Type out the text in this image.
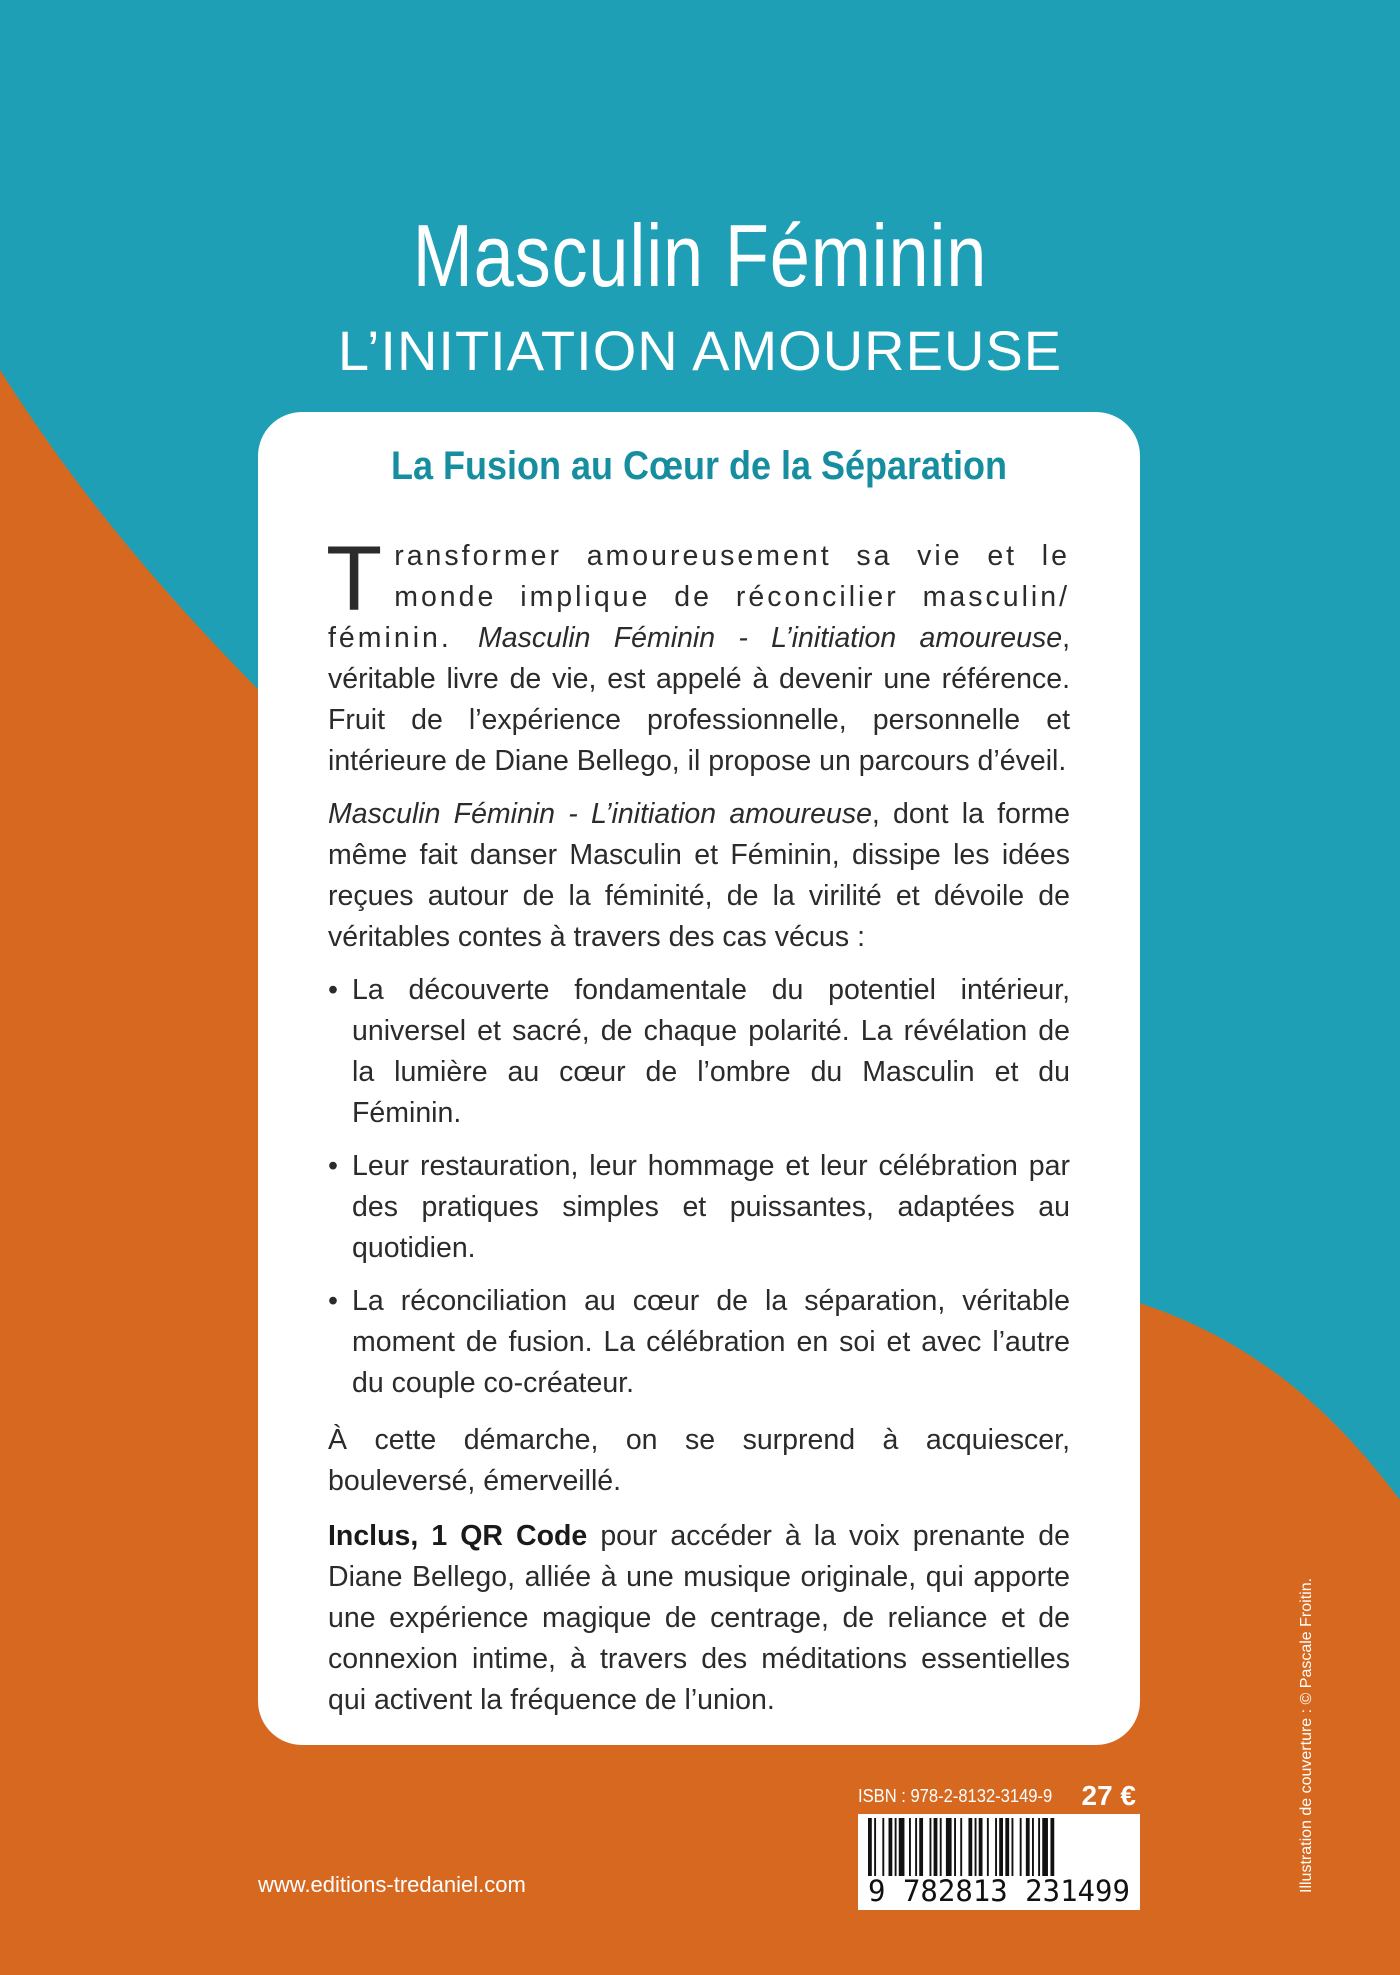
Masculin Féminin
L’INITIATION AMOUREUSE
La Fusion au Cœur de la Séparation
Transformer amoureusement sa vie et le monde implique de réconcilier masculin/ féminin. Masculin Féminin - L’initiation amoureuse, véritable livre de vie, est appelé à devenir une référence. Fruit de l’expérience professionnelle, personnelle et intérieure de Diane Bellego, il propose un parcours d’éveil.
Masculin Féminin - L’initiation amoureuse, dont la forme même fait danser Masculin et Féminin, dissipe les idées reçues autour de la féminité, de la virilité et dévoile de véritables contes à travers des cas vécus :
• La découverte fondamentale du potentiel intérieur, universel et sacré, de chaque polarité. La révélation de la lumière au cœur de l’ombre du Masculin et du Féminin.
• Leur restauration, leur hommage et leur célébration par des pratiques simples et puissantes, adaptées au quotidien.
• La réconciliation au cœur de la séparation, véritable moment de fusion. La célébration en soi et avec l’autre du couple co-créateur.
À cette démarche, on se surprend à acquiescer, bouleversé, émerveillé.
Inclus, 1 QR Code pour accéder à la voix prenante de Diane Bellego, alliée à une musique originale, qui apporte une expérience magique de centrage, de reliance et de connexion intime, à travers des méditations essentielles qui activent la fréquence de l’union.
www.editions-tredaniel.com
ISBN : 978-2-8132-3149-9 27 €
9 782813 231499	Illustration de couverture : © Pascale Froitin.
